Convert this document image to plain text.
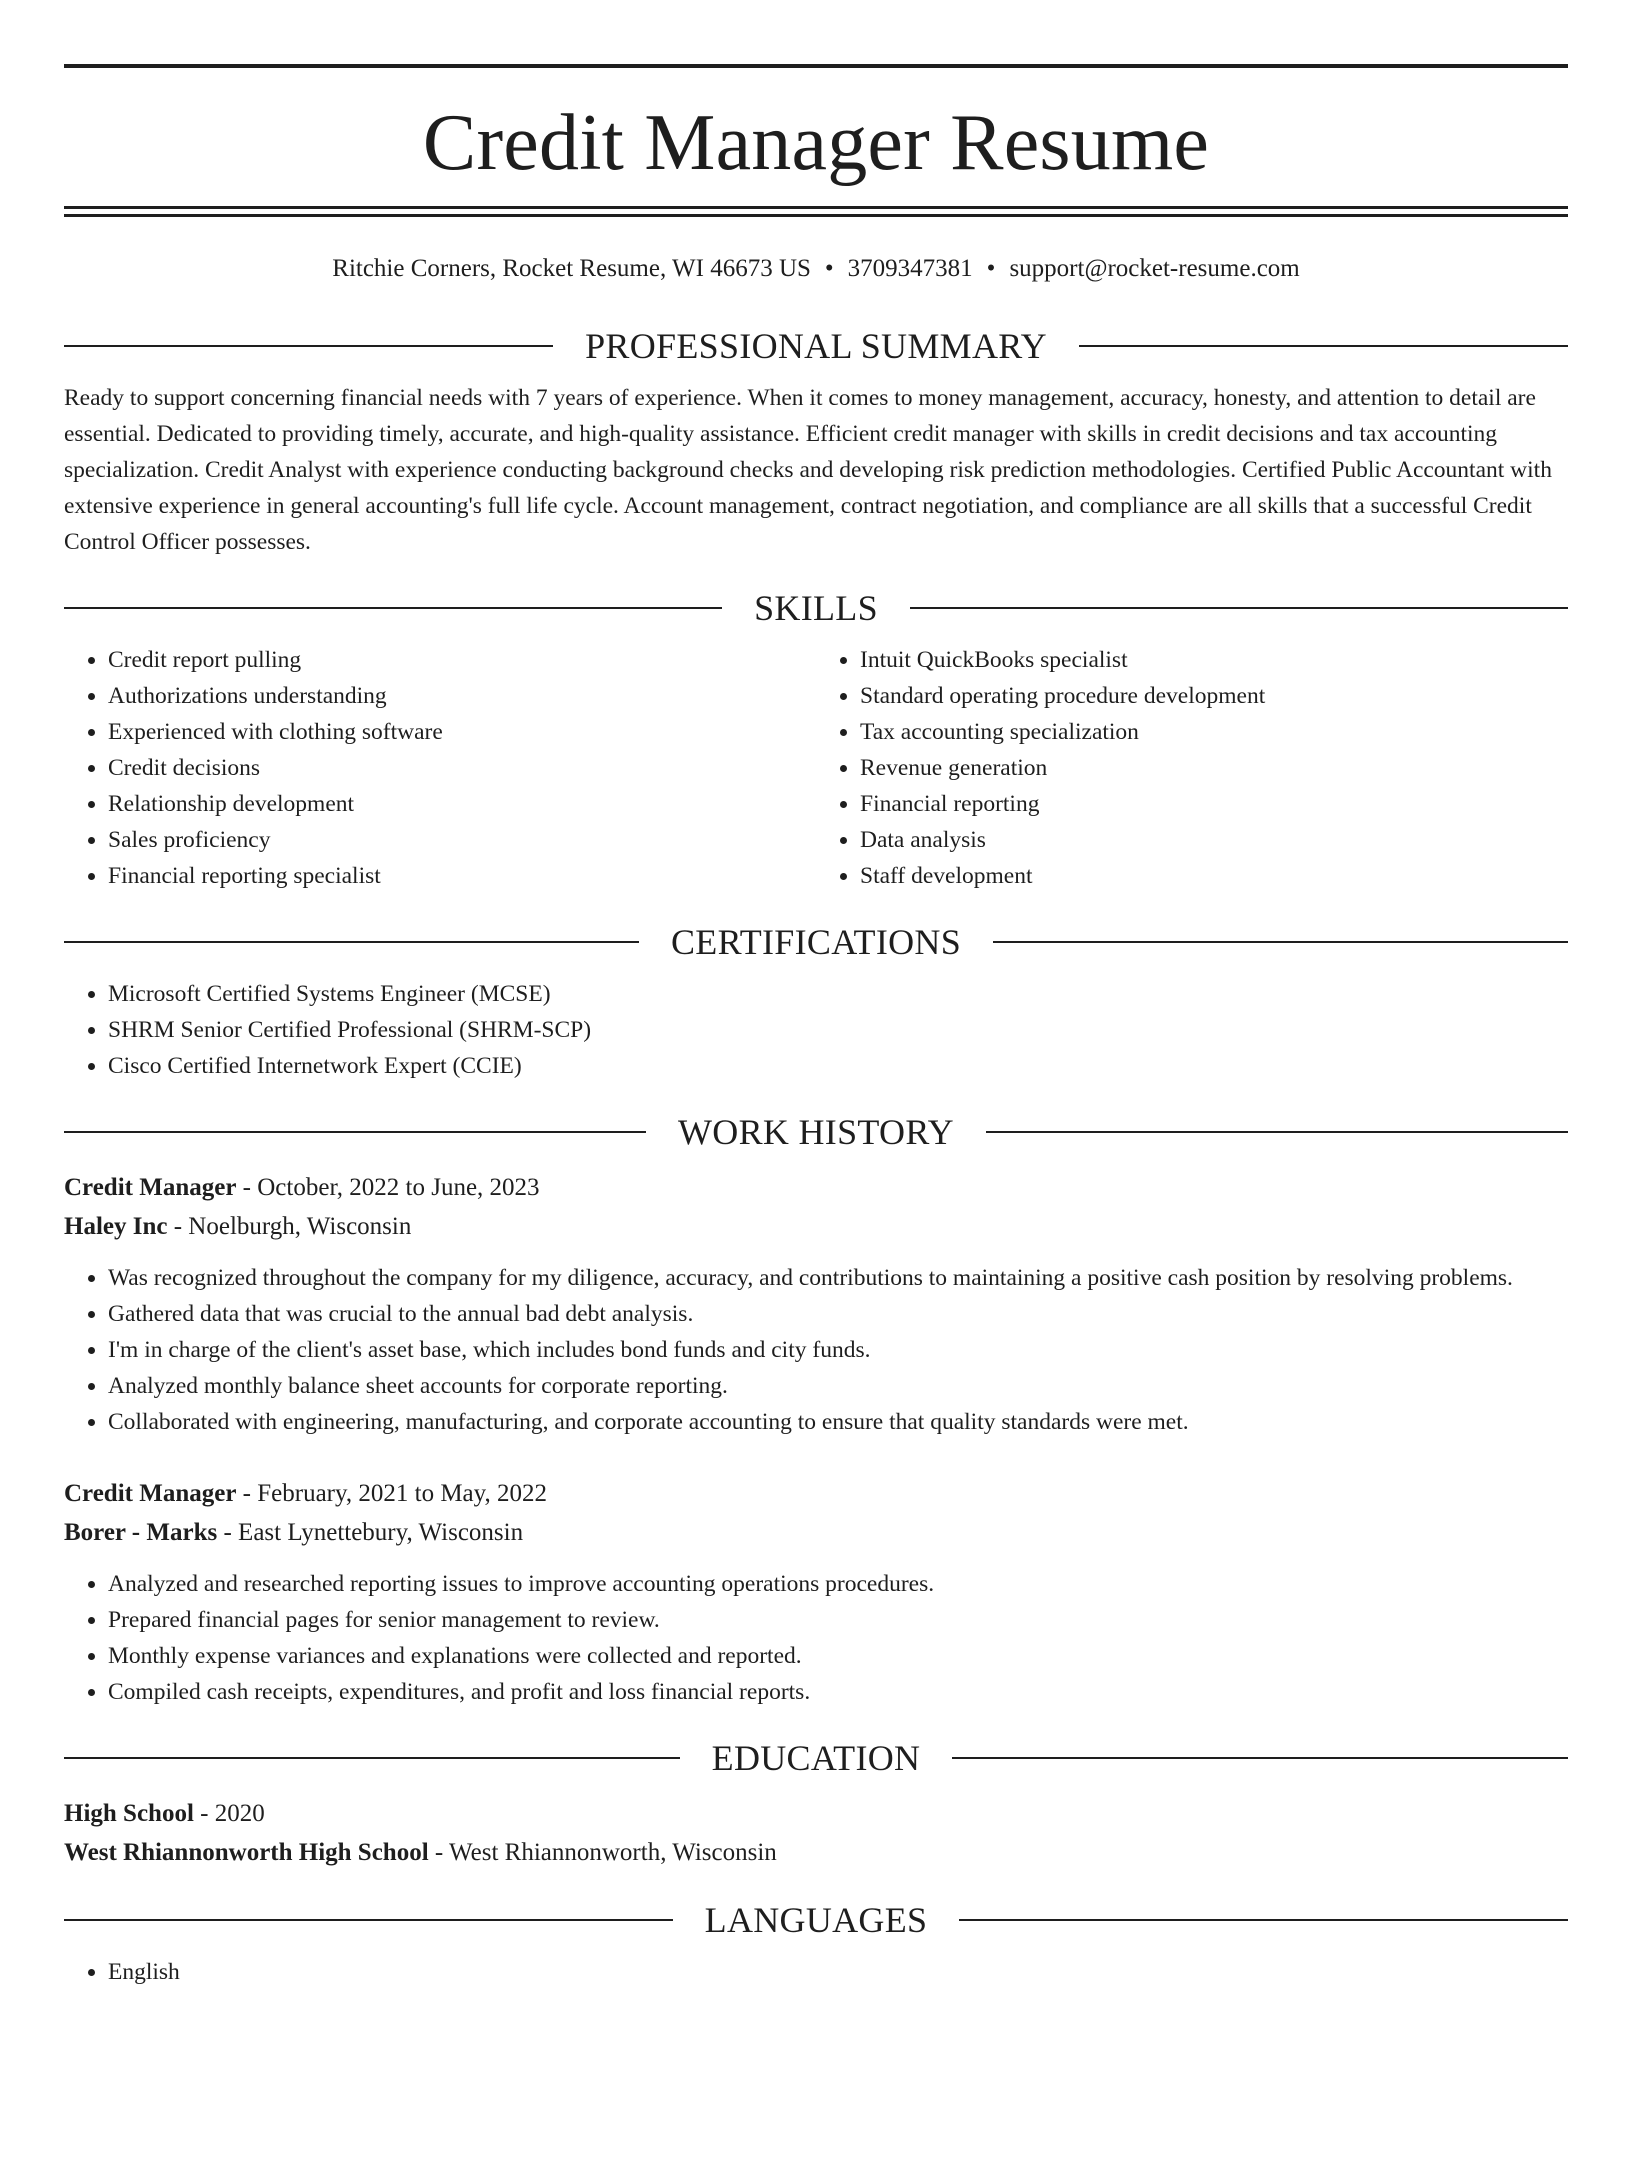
Credit Manager Resume
Ritchie Corners, Rocket Resume, WI 46673 US • 3709347381 • support@rocket-resume.com
PROFESSIONAL SUMMARY

Ready to support concerning financial needs with 7 years of experience. When it comes to money management, accuracy, honesty, and attention to detail are essential. Dedicated to providing timely, accurate, and high-quality assistance. Efficient credit manager with skills in credit decisions and tax accounting specialization. Credit Analyst with experience conducting background checks and developing risk prediction methodologies. Certified Public Accountant with extensive experience in general accounting's full life cycle. Account management, contract negotiation, and compliance are all skills that a successful Credit Control Officer possesses.

SKILLS
• Credit report pulling
• Authorizations understanding
• Experienced with clothing software
• Credit decisions
• Relationship development
• Sales proficiency
• Financial reporting specialist
• Intuit QuickBooks specialist
• Standard operating procedure development
• Tax accounting specialization
• Revenue generation
• Financial reporting
• Data analysis
• Staff development
CERTIFICATIONS
• Microsoft Certified Systems Engineer (MCSE)
• SHRM Senior Certified Professional (SHRM-SCP)
• Cisco Certified Internetwork Expert (CCIE)
WORK HISTORY
Credit Manager - October, 2022 to June, 2023
Haley Inc - Noelburgh, Wisconsin
• Was recognized throughout the company for my diligence, accuracy, and contributions to maintaining a positive cash position by resolving problems.
• Gathered data that was crucial to the annual bad debt analysis.
• I'm in charge of the client's asset base, which includes bond funds and city funds.
• Analyzed monthly balance sheet accounts for corporate reporting.
• Collaborated with engineering, manufacturing, and corporate accounting to ensure that quality standards were met.
Credit Manager - February, 2021 to May, 2022
Borer - Marks - East Lynettebury, Wisconsin
• Analyzed and researched reporting issues to improve accounting operations procedures.
• Prepared financial pages for senior management to review.
• Monthly expense variances and explanations were collected and reported.
• Compiled cash receipts, expenditures, and profit and loss financial reports.
EDUCATION
High School - 2020
West Rhiannonworth High School - West Rhiannonworth, Wisconsin
LANGUAGES
• English
